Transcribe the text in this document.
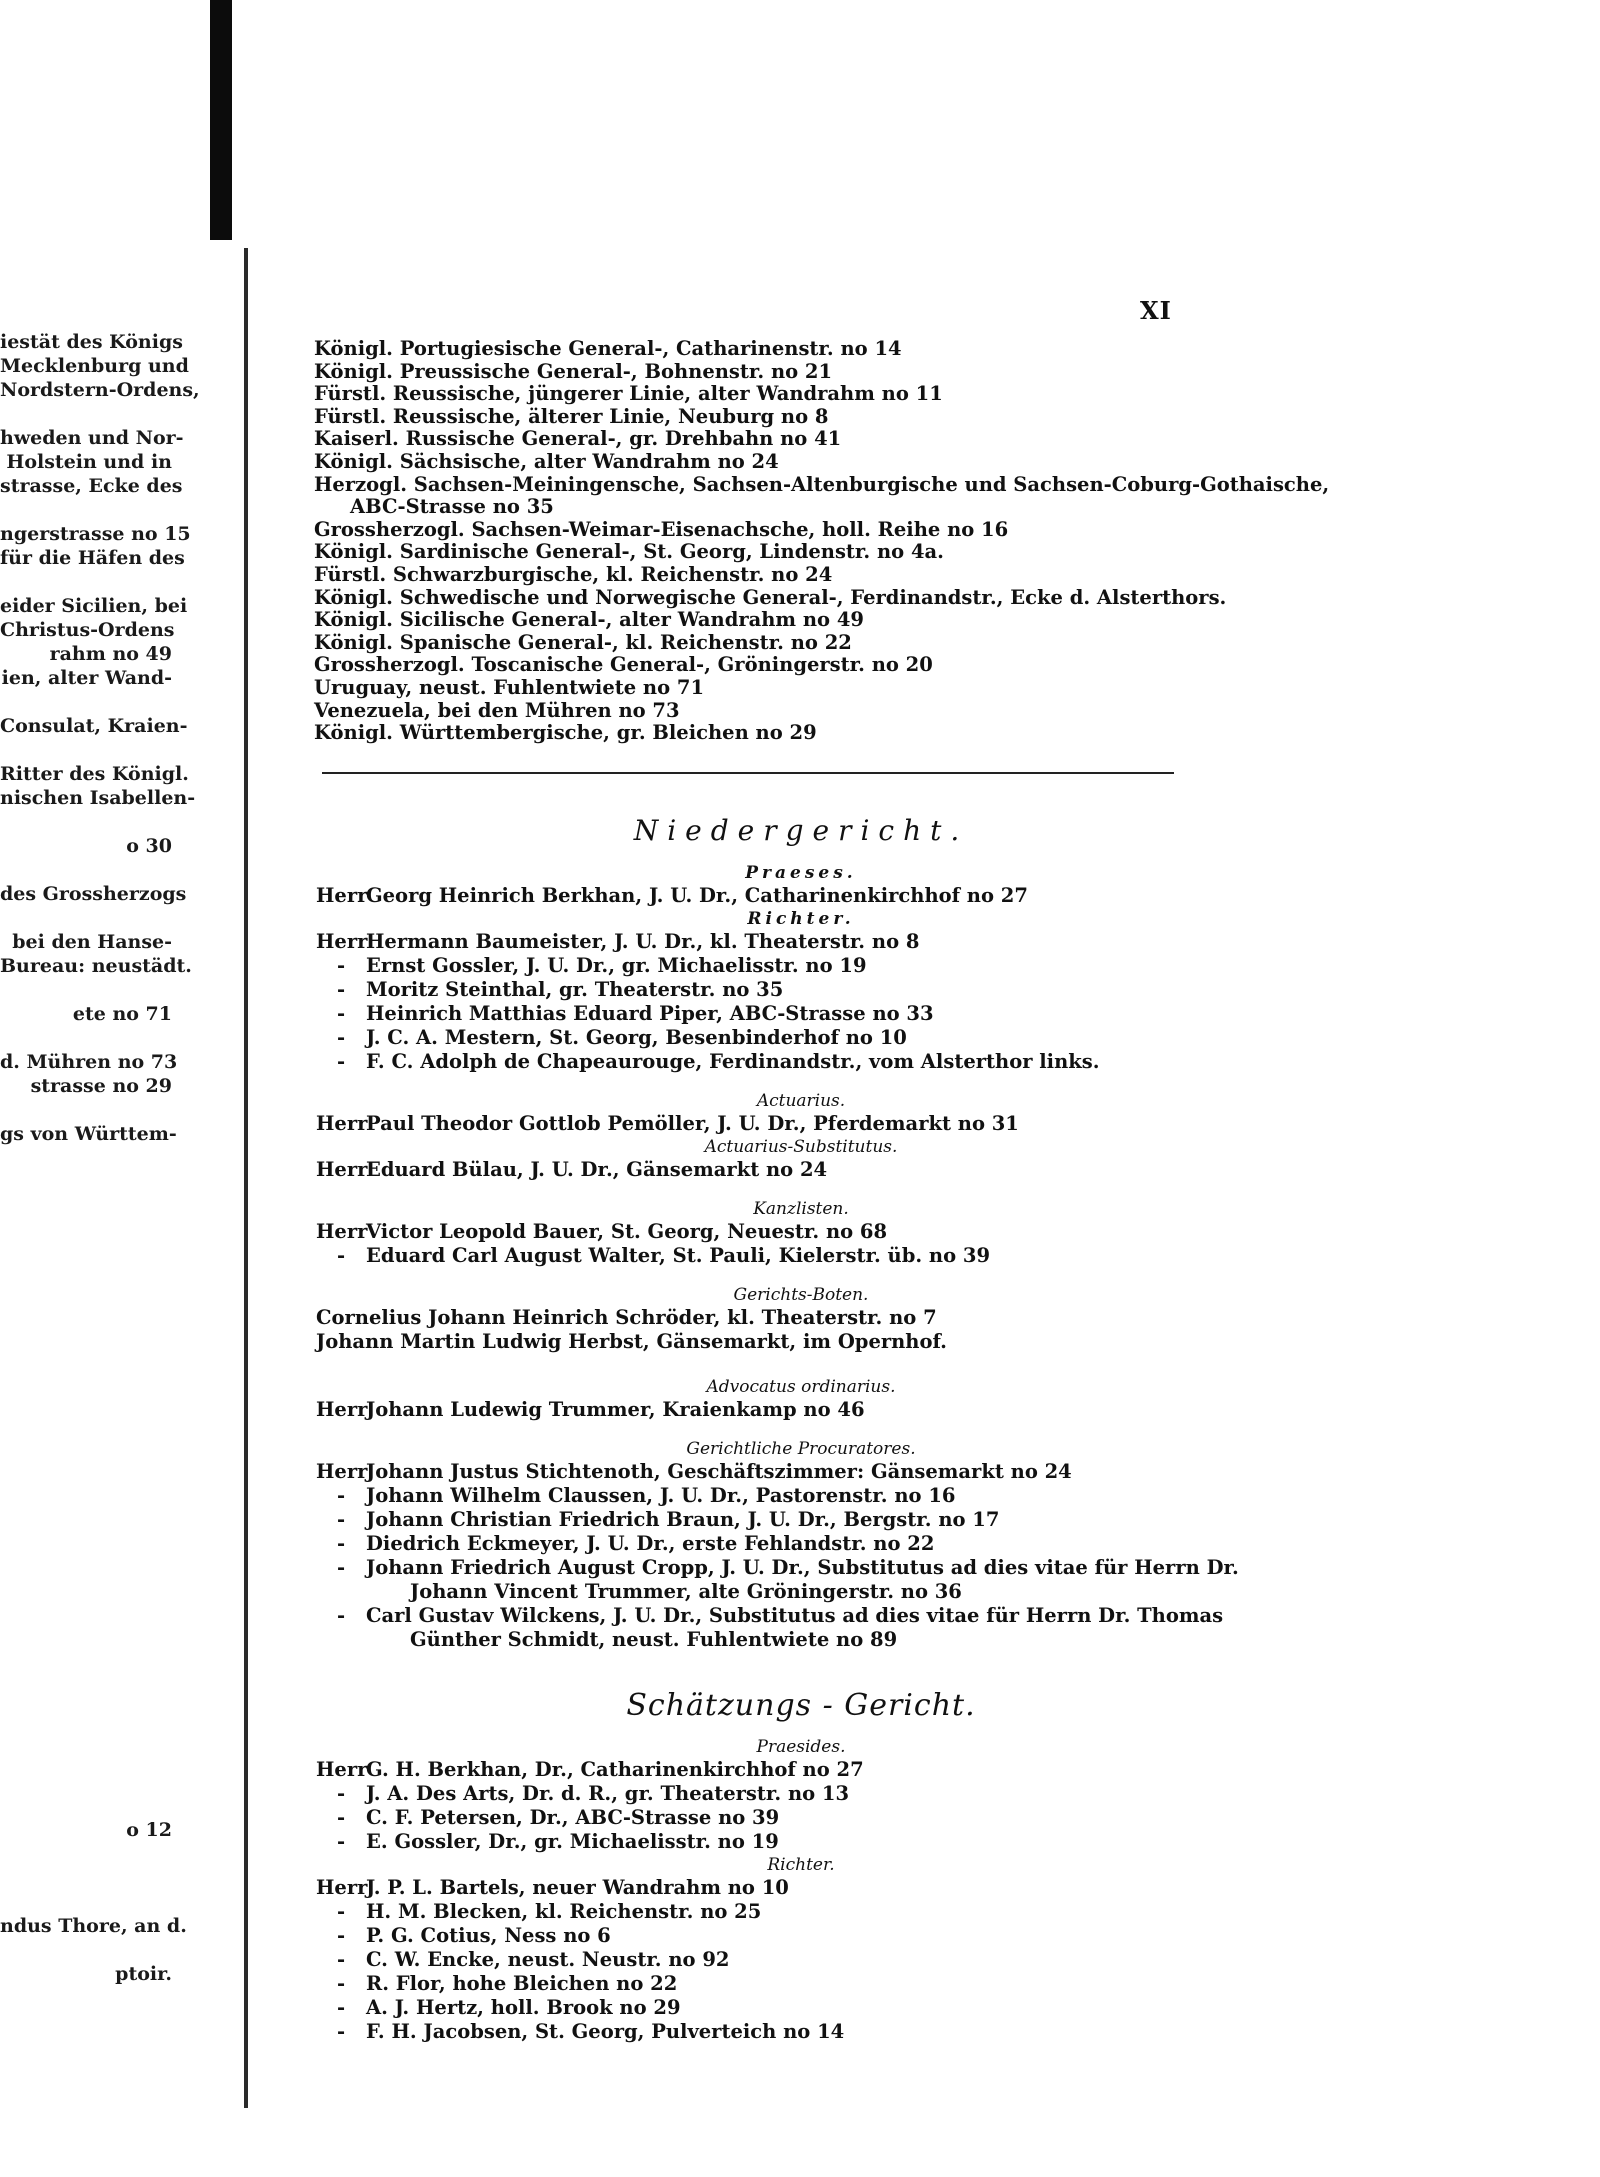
iestät des Königs
Mecklenburg und
Nordstern-Ordens,
hweden und Nor-
Holstein und in
strasse, Ecke des
ngerstrasse no 15
für die Häfen des
eider Sicilien, bei
Christus-Ordens
rahm no 49
ien, alter Wand-
Consulat, Kraien-
Ritter des Königl.
nischen Isabellen-
o 30
des Grossherzogs
bei den Hanse-
Bureau: neustädt.
ete no 71
d. Mühren no 73
strasse no 29
gs von Württem-
o 12
ndus Thore, an d.
ptoir.
XI
Königl. Portugiesische General-, Catharinenstr. no 14
Königl. Preussische General-, Bohnenstr. no 21
Fürstl. Reussische, jüngerer Linie, alter Wandrahm no 11
Fürstl. Reussische, älterer Linie, Neuburg no 8
Kaiserl. Russische General-, gr. Drehbahn no 41
Königl. Sächsische, alter Wandrahm no 24
Herzogl. Sachsen-Meiningensche, Sachsen-Altenburgische und Sachsen-Coburg-Gothaische,
ABC-Strasse no 35
Grossherzogl. Sachsen-Weimar-Eisenachsche, holl. Reihe no 16
Königl. Sardinische General-, St. Georg, Lindenstr. no 4a.
Fürstl. Schwarzburgische, kl. Reichenstr. no 24
Königl. Schwedische und Norwegische General-, Ferdinandstr., Ecke d. Alsterthors.
Königl. Sicilische General-, alter Wandrahm no 49
Königl. Spanische General-, kl. Reichenstr. no 22
Grossherzogl. Toscanische General-, Gröningerstr. no 20
Uruguay, neust. Fuhlentwiete no 71
Venezuela, bei den Mühren no 73
Königl. Württembergische, gr. Bleichen no 29
Niedergericht.
Praeses.
HerrGeorg Heinrich Berkhan, J. U. Dr., Catharinenkirchhof no 27
Richter.
HerrHermann Baumeister, J. U. Dr., kl. Theaterstr. no 8
- Ernst Gossler, J. U. Dr., gr. Michaelisstr. no 19
- Moritz Steinthal, gr. Theaterstr. no 35
- Heinrich Matthias Eduard Piper, ABC-Strasse no 33
- J. C. A. Mestern, St. Georg, Besenbinderhof no 10
- F. C. Adolph de Chapeaurouge, Ferdinandstr., vom Alsterthor links.
Actuarius.
HerrPaul Theodor Gottlob Pemöller, J. U. Dr., Pferdemarkt no 31
Actuarius-Substitutus.
HerrEduard Bülau, J. U. Dr., Gänsemarkt no 24
Kanzlisten.
HerrVictor Leopold Bauer, St. Georg, Neuestr. no 68
- Eduard Carl August Walter, St. Pauli, Kielerstr. üb. no 39
Gerichts-Boten.
Cornelius Johann Heinrich Schröder, kl. Theaterstr. no 7
Johann Martin Ludwig Herbst, Gänsemarkt, im Opernhof.
Advocatus ordinarius.
HerrJohann Ludewig Trummer, Kraienkamp no 46
Gerichtliche Procuratores.
HerrJohann Justus Stichtenoth, Geschäftszimmer: Gänsemarkt no 24
- Johann Wilhelm Claussen, J. U. Dr., Pastorenstr. no 16
- Johann Christian Friedrich Braun, J. U. Dr., Bergstr. no 17
- Diedrich Eckmeyer, J. U. Dr., erste Fehlandstr. no 22
- Johann Friedrich August Cropp, J. U. Dr., Substitutus ad dies vitae für Herrn Dr.
Johann Vincent Trummer, alte Gröningerstr. no 36
- Carl Gustav Wilckens, J. U. Dr., Substitutus ad dies vitae für Herrn Dr. Thomas
Günther Schmidt, neust. Fuhlentwiete no 89
Schätzungs - Gericht.
Praesides.
HerrG. H. Berkhan, Dr., Catharinenkirchhof no 27
- J. A. Des Arts, Dr. d. R., gr. Theaterstr. no 13
- C. F. Petersen, Dr., ABC-Strasse no 39
- E. Gossler, Dr., gr. Michaelisstr. no 19
Richter.
HerrJ. P. L. Bartels, neuer Wandrahm no 10
- H. M. Blecken, kl. Reichenstr. no 25
- P. G. Cotius, Ness no 6
- C. W. Encke, neust. Neustr. no 92
- R. Flor, hohe Bleichen no 22
- A. J. Hertz, holl. Brook no 29
- F. H. Jacobsen, St. Georg, Pulverteich no 14
